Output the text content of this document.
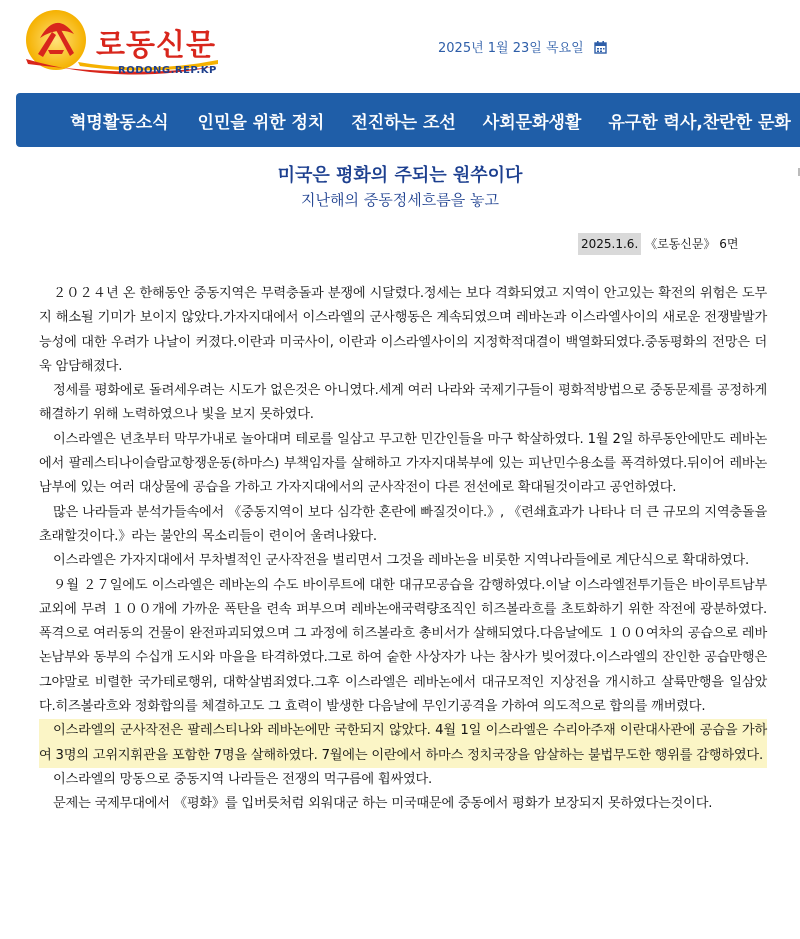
로동신문
RODONG.REP.KP
2025년 1월 23일 목요일
혁명활동소식 인민을 위한 정치 전진하는 조선 사회문화생활 유구한 력사,찬란한 문화
미국은 평화의 주되는 원쑤이다
지난해의 중동정세흐름을 놓고
2025.1.6. 《로동신문》 6면

２０２４년 온 한해동안 중동지역은 무력충돌과 분쟁에 시달렸다.정세는 보다 격화되였고 지역이 안고있는 확전의 위험은 도무지 해소될 기미가 보이지 않았다.가자지대에서 이스라엘의 군사행동은 계속되였으며 레바논과 이스라엘사이의 새로운 전쟁발발가능성에 대한 우려가 나날이 커졌다.이란과 미국사이, 이란과 이스라엘사이의 지정학적대결이 백열화되였다.중동평화의 전망은 더욱 암담해졌다.

정세를 평화에로 돌려세우려는 시도가 없은것은 아니였다.세계 여러 나라와 국제기구들이 평화적방법으로 중동문제를 공정하게 해결하기 위해 노력하였으나 빛을 보지 못하였다.

이스라엘은 년초부터 막무가내로 놀아대며 테로를 일삼고 무고한 민간인들을 마구 학살하였다. 1월 2일 하루동안에만도 레바논에서 팔레스티나이슬람교항쟁운동(하마스) 부책임자를 살해하고 가자지대북부에 있는 피난민수용소를 폭격하였다.뒤이어 레바논남부에 있는 여러 대상물에 공습을 가하고 가자지대에서의 군사작전이 다른 전선에로 확대될것이라고 공언하였다.

많은 나라들과 분석가들속에서 《중동지역이 보다 심각한 혼란에 빠질것이다.》, 《련쇄효과가 나타나 더 큰 규모의 지역충돌을 초래할것이다.》라는 불안의 목소리들이 련이어 울려나왔다.

이스라엘은 가자지대에서 무차별적인 군사작전을 벌리면서 그것을 레바논을 비롯한 지역나라들에로 계단식으로 확대하였다.

９월 ２７일에도 이스라엘은 레바논의 수도 바이루트에 대한 대규모공습을 감행하였다.이날 이스라엘전투기들은 바이루트남부교외에 무려 １００개에 가까운 폭탄을 련속 퍼부으며 레바논애국력량조직인 히즈볼라흐를 초토화하기 위한 작전에 광분하였다.폭격으로 여러동의 건물이 완전파괴되였으며 그 과정에 히즈볼라흐 총비서가 살해되였다.다음날에도 １００여차의 공습으로 레바논남부와 동부의 수십개 도시와 마을을 타격하였다.그로 하여 숱한 사상자가 나는 참사가 빚어졌다.이스라엘의 잔인한 공습만행은 그야말로 비렬한 국가테로행위, 대학살범죄였다.그후 이스라엘은 레바논에서 대규모적인 지상전을 개시하고 살륙만행을 일삼았다.히즈볼라흐와 정화합의를 체결하고도 그 효력이 발생한 다음날에 무인기공격을 가하여 의도적으로 합의를 깨버렸다.

이스라엘의 군사작전은 팔레스티나와 레바논에만 국한되지 않았다. 4월 1일 이스라엘은 수리아주재 이란대사관에 공습을 가하여 3명의 고위지휘관을 포함한 7명을 살해하였다. 7월에는 이란에서 하마스 정치국장을 암살하는 불법무도한 행위를 감행하였다.

이스라엘의 망동으로 중동지역 나라들은 전쟁의 먹구름에 휩싸였다.

문제는 국제무대에서 《평화》를 입버릇처럼 외워대군 하는 미국때문에 중동에서 평화가 보장되지 못하였다는것이다.
